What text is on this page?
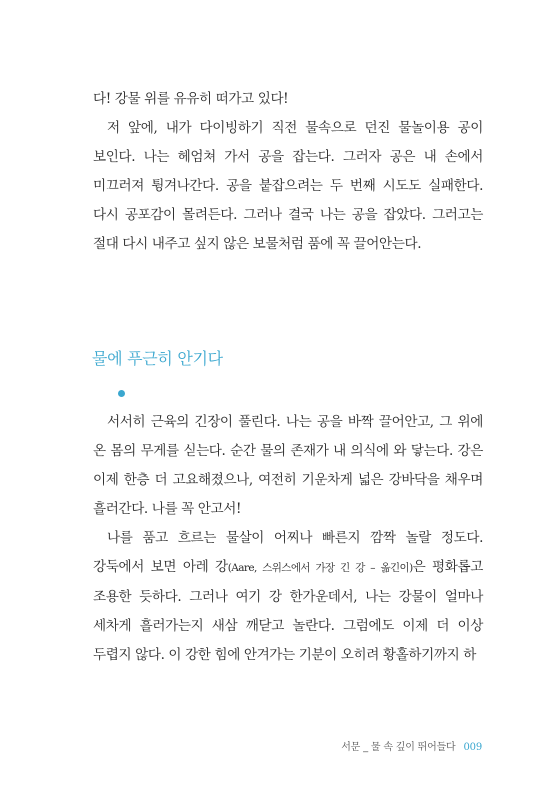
다! 강물 위를 유유히 떠가고 있다!

저 앞에, 내가 다이빙하기 직전 물속으로 던진 물놀이용 공이 보인다. 나는 헤엄쳐 가서 공을 잡는다. 그러자 공은 내 손에서 미끄러져 튕겨나간다. 공을 붙잡으려는 두 번째 시도도 실패한다. 다시 공포감이 몰려든다. 그러나 결국 나는 공을 잡았다. 그러고는 절대 다시 내주고 싶지 않은 보물처럼 품에 꼭 끌어안는다.

물에 푸근히 안기다

서서히 근육의 긴장이 풀린다. 나는 공을 바짝 끌어안고, 그 위에 온 몸의 무게를 싣는다. 순간 물의 존재가 내 의식에 와 닿는다. 강은 이제 한층 더 고요해졌으나, 여전히 기운차게 넓은 강바닥을 채우며 흘러간다. 나를 꼭 안고서!

나를 품고 흐르는 물살이 어찌나 빠른지 깜짝 놀랄 정도다. 강둑에서 보면 아레 강(Aare, 스위스에서 가장 긴 강 – 옮긴이)은 평화롭고 조용한 듯하다. 그러나 여기 강 한가운데서, 나는 강물이 얼마나 세차게 흘러가는지 새삼 깨닫고 놀란다. 그럼에도 이제 더 이상 두렵지 않다. 이 강한 힘에 안겨가는 기분이 오히려 황홀하기까지 하

서문 _ 물 속 깊이 뛰어들다 009
